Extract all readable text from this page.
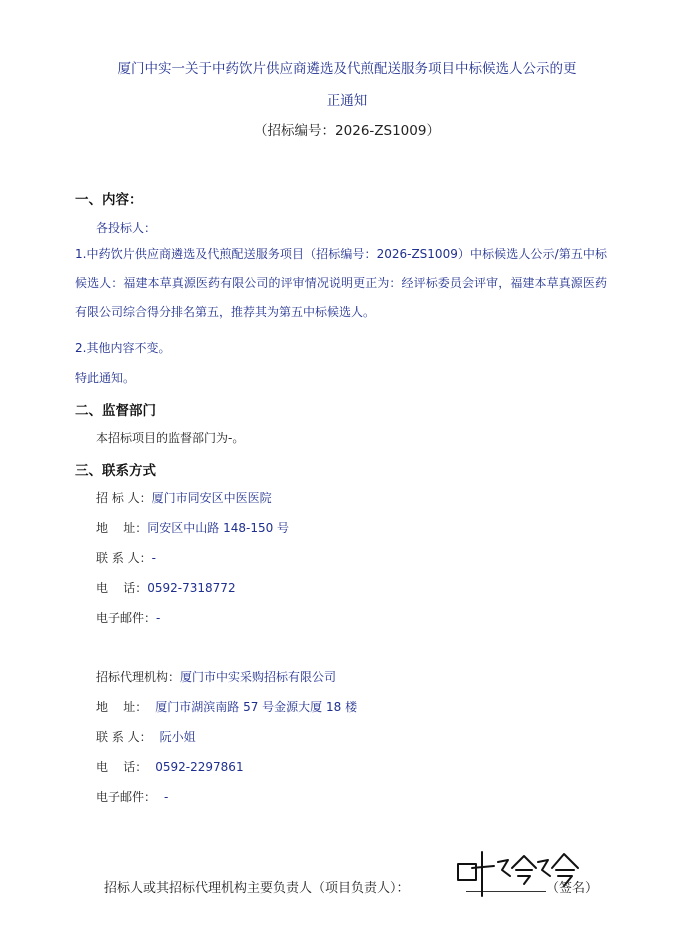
厦门中实一关于中药饮片供应商遴选及代煎配送服务项目中标候选人公示的更
正通知
（招标编号：2026-ZS1009）
一、内容：
各投标人：
1.中药饮片供应商遴选及代煎配送服务项目（招标编号：2026-ZS1009）中标候选人公示/第五中标候选人：福建本草真源医药有限公司的评审情况说明更正为：经评标委员会评审，福建本草真源医药有限公司综合得分排名第五，推荐其为第五中标候选人。
2.其他内容不变。
特此通知。
二、监督部门
本招标项目的监督部门为-。
三、联系方式
招 标 人：厦门市同安区中医医院
地    址：同安区中山路 148-150 号
联 系 人：-
电    话：0592-7318772
电子邮件：-
招标代理机构：厦门市中实采购招标有限公司
地    址： 厦门市湖滨南路 57 号金源大厦 18 楼
联 系 人： 阮小姐
电    话： 0592-2297861
电子邮件： -
招标人或其招标代理机构主要负责人（项目负责人）：	（签名）
